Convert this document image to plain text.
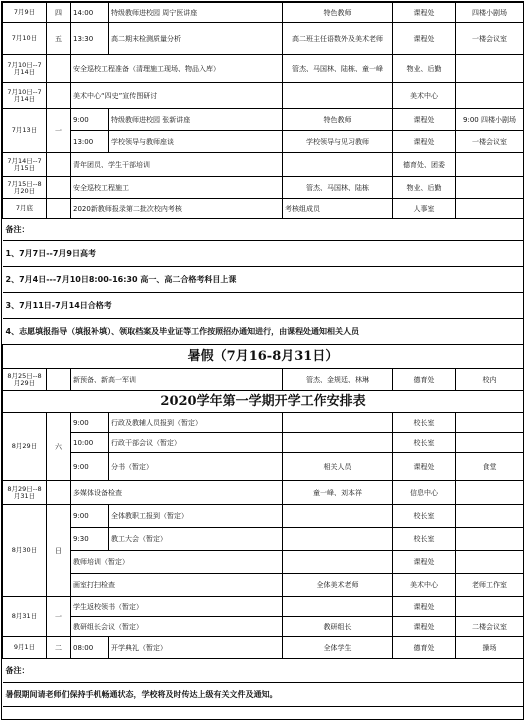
7月9日	四	14:00	特级教师进校园 周宁医讲座	特色教师	课程处	四楼小剧场
7月10日	五	13:30	高二期末检测质量分析	高二班主任语数外及美术老师	课程处	一楼会议室
7月10日--7月14日		安全巡校工程准备（清理施工现场、物品入库）		管杰、马国林、陆栋、童一峰	物业、后勤	
7月10日--7月14日		美术中心“四史”宣传图研讨			美术中心	
7月13日	一	9:00	特级教师进校园 张新讲座	特色教师	课程处	9:00 四楼小剧场
		13:00	学校领导与教师座谈	学校领导与见习教师	课程处	一楼会议室
7月14日--7月15日		青年团员、学生干部培训			德育处、团委	
7月15日--8月20日		安全巡校工程施工		管杰、马国林、陆栋	物业、后勤	
7月底		2020新教师报录第二批次校内考核		考核组成员	人事室	
备注：						
1、7月7日--7月9日高考						
2、7月4日---7月10日8:00-16:30 高一、高二合格考科目上课						
3、7月11日-7月14日合格考						
4、志愿填报指导（填报补填）、领取档案及毕业证等工作按照招办通知进行，由课程处通知相关人员						
暑假（7月16-8月31日）						
8月25日--8月29日		新预备、新高一军训		管杰、金规廷、林琳	德育处	校内
2020学年第一学期开学工作安排表						
8月29日	六	9:00	行政及教辅人员报到（暂定）		校长室	
		10:00	行政干部会议（暂定）		校长室	
		9:00	分书（暂定）	相关人员	课程处	食堂
8月29日--8月31日		多媒体设备检查		童一峰、刘本祥	信息中心	
8月30日	日	9:00	全体教职工报到（暂定）		校长室	
		9:30	教工大会（暂定）		校长室	
		教师培训（暂定）			课程处	
		画室打扫检查		全体美术老师	美术中心	老师工作室
8月31日	一	学生返校领书（暂定）			课程处	
		教研组长会议（暂定）		教研组长	课程处	二楼会议室
9月1日	二	08:00	开学典礼（暂定）	全体学生	德育处	操场
备注：						
暑假期间请老师们保持手机畅通状态，学校将及时传达上级有关文件及通知。						
